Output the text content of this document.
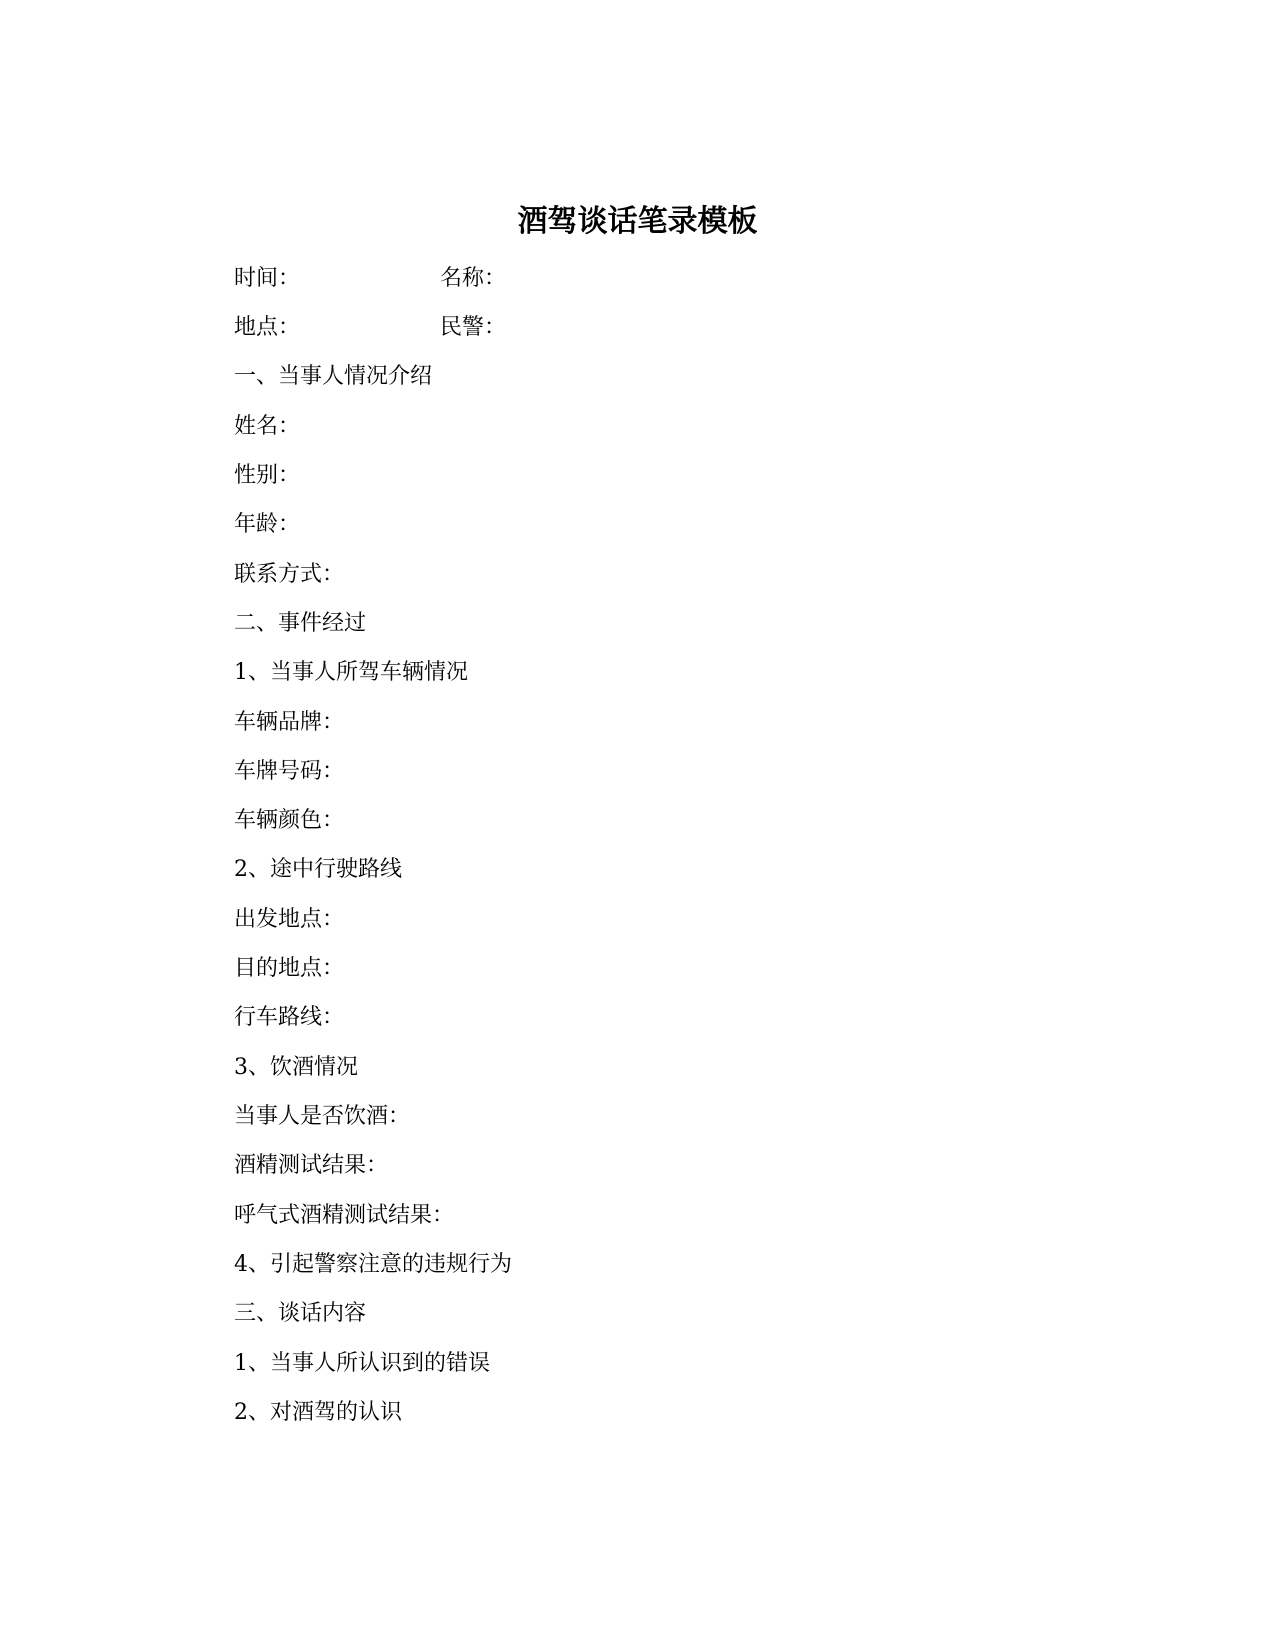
酒驾谈话笔录模板
时间：	名称：
地点：	民警：
一、当事人情况介绍
姓名：
性别：
年龄：
联系方式：
二、事件经过
1、当事人所驾车辆情况
车辆品牌：
车牌号码：
车辆颜色：
2、途中行驶路线
出发地点：
目的地点：
行车路线：
3、饮酒情况
当事人是否饮酒：
酒精测试结果：
呼气式酒精测试结果：
4、引起警察注意的违规行为
三、谈话内容
1、当事人所认识到的错误
2、对酒驾的认识
